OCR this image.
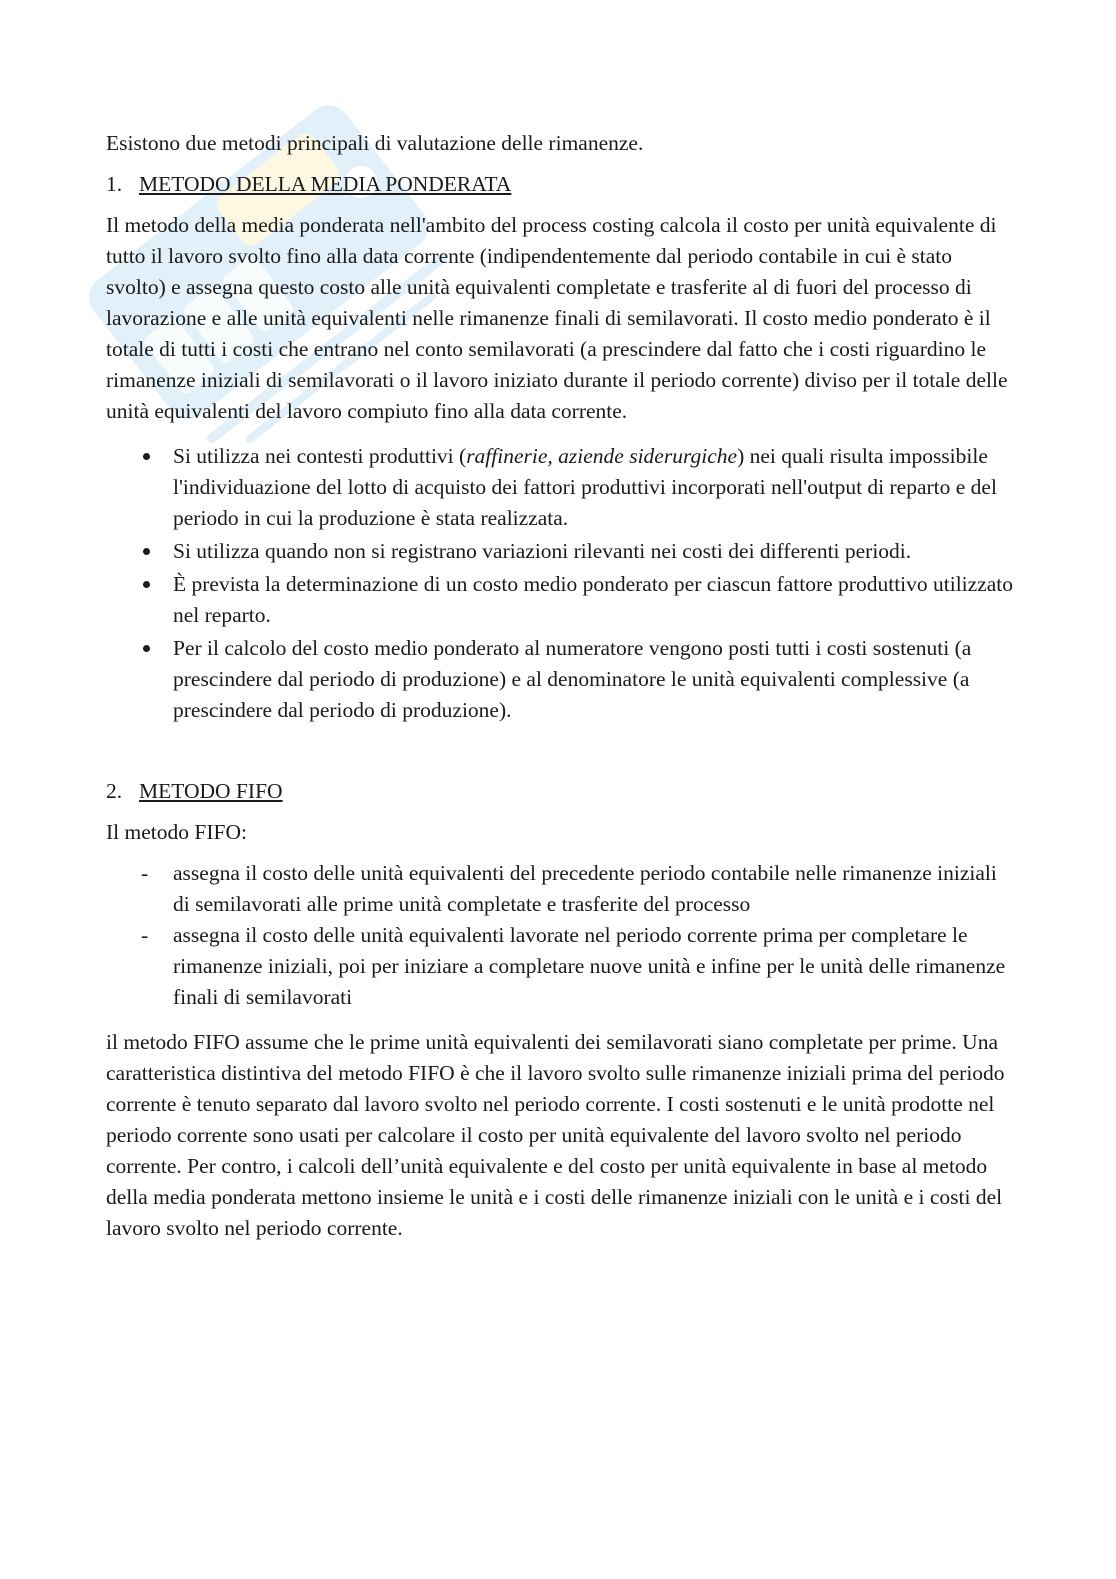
Esistono due metodi principali di valutazione delle rimanenze.

1. METODO DELLA MEDIA PONDERATA

Il metodo della media ponderata nell'ambito del process costing calcola il costo per unità equivalente di tutto il lavoro svolto fino alla data corrente (indipendentemente dal periodo contabile in cui è stato svolto) e assegna questo costo alle unità equivalenti completate e trasferite al di fuori del processo di lavorazione e alle unità equivalenti nelle rimanenze finali di semilavorati. Il costo medio ponderato è il totale di tutti i costi che entrano nel conto semilavorati (a prescindere dal fatto che i costi riguardino le rimanenze iniziali di semilavorati o il lavoro iniziato durante il periodo corrente) diviso per il totale delle unità equivalenti del lavoro compiuto fino alla data corrente.

Si utilizza nei contesti produttivi (raffinerie, aziende siderurgiche) nei quali risulta impossibile l'individuazione del lotto di acquisto dei fattori produttivi incorporati nell'output di reparto e del periodo in cui la produzione è stata realizzata.
Si utilizza quando non si registrano variazioni rilevanti nei costi dei differenti periodi.
È prevista la determinazione di un costo medio ponderato per ciascun fattore produttivo utilizzato nel reparto.
Per il calcolo del costo medio ponderato al numeratore vengono posti tutti i costi sostenuti (a prescindere dal periodo di produzione) e al denominatore le unità equivalenti complessive (a prescindere dal periodo di produzione).
2. METODO FIFO

Il metodo FIFO:

- assegna il costo delle unità equivalenti del precedente periodo contabile nelle rimanenze iniziali di semilavorati alle prime unità completate e trasferite del processo
- assegna il costo delle unità equivalenti lavorate nel periodo corrente prima per completare le rimanenze iniziali, poi per iniziare a completare nuove unità e infine per le unità delle rimanenze finali di semilavorati

il metodo FIFO assume che le prime unità equivalenti dei semilavorati siano completate per prime. Una caratteristica distintiva del metodo FIFO è che il lavoro svolto sulle rimanenze iniziali prima del periodo corrente è tenuto separato dal lavoro svolto nel periodo corrente. I costi sostenuti e le unità prodotte nel periodo corrente sono usati per calcolare il costo per unità equivalente del lavoro svolto nel periodo corrente. Per contro, i calcoli dell’unità equivalente e del costo per unità equivalente in base al metodo della media ponderata mettono insieme le unità e i costi delle rimanenze iniziali con le unità e i costi del lavoro svolto nel periodo corrente.
